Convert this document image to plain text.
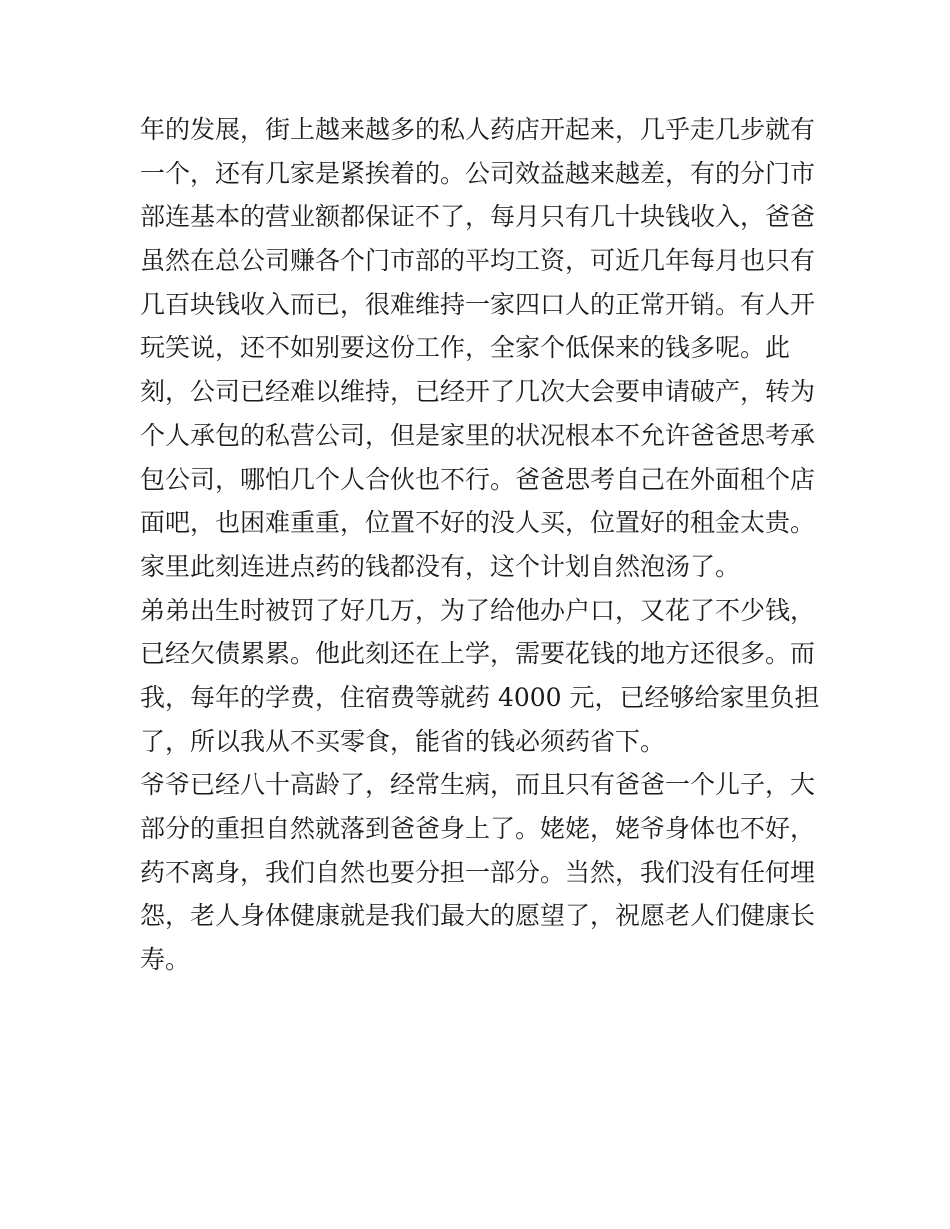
年的发展，街上越来越多的私人药店开起来，几乎走几步就有
一个，还有几家是紧挨着的。公司效益越来越差，有的分门市
部连基本的营业额都保证不了，每月只有几十块钱收入，爸爸
虽然在总公司赚各个门市部的平均工资，可近几年每月也只有
几百块钱收入而已，很难维持一家四口人的正常开销。有人开
玩笑说，还不如别要这份工作，全家个低保来的钱多呢。此
刻，公司已经难以维持，已经开了几次大会要申请破产，转为
个人承包的私营公司，但是家里的状况根本不允许爸爸思考承
包公司，哪怕几个人合伙也不行。爸爸思考自己在外面租个店
面吧，也困难重重，位置不好的没人买，位置好的租金太贵。
家里此刻连进点药的钱都没有，这个计划自然泡汤了。
弟弟出生时被罚了好几万，为了给他办户口，又花了不少钱，
已经欠债累累。他此刻还在上学，需要花钱的地方还很多。而
我，每年的学费，住宿费等就药 4000 元，已经够给家里负担
了，所以我从不买零食，能省的钱必须药省下。
爷爷已经八十高龄了，经常生病，而且只有爸爸一个儿子，大
部分的重担自然就落到爸爸身上了。姥姥，姥爷身体也不好，
药不离身，我们自然也要分担一部分。当然，我们没有任何埋
怨，老人身体健康就是我们最大的愿望了，祝愿老人们健康长
寿。
